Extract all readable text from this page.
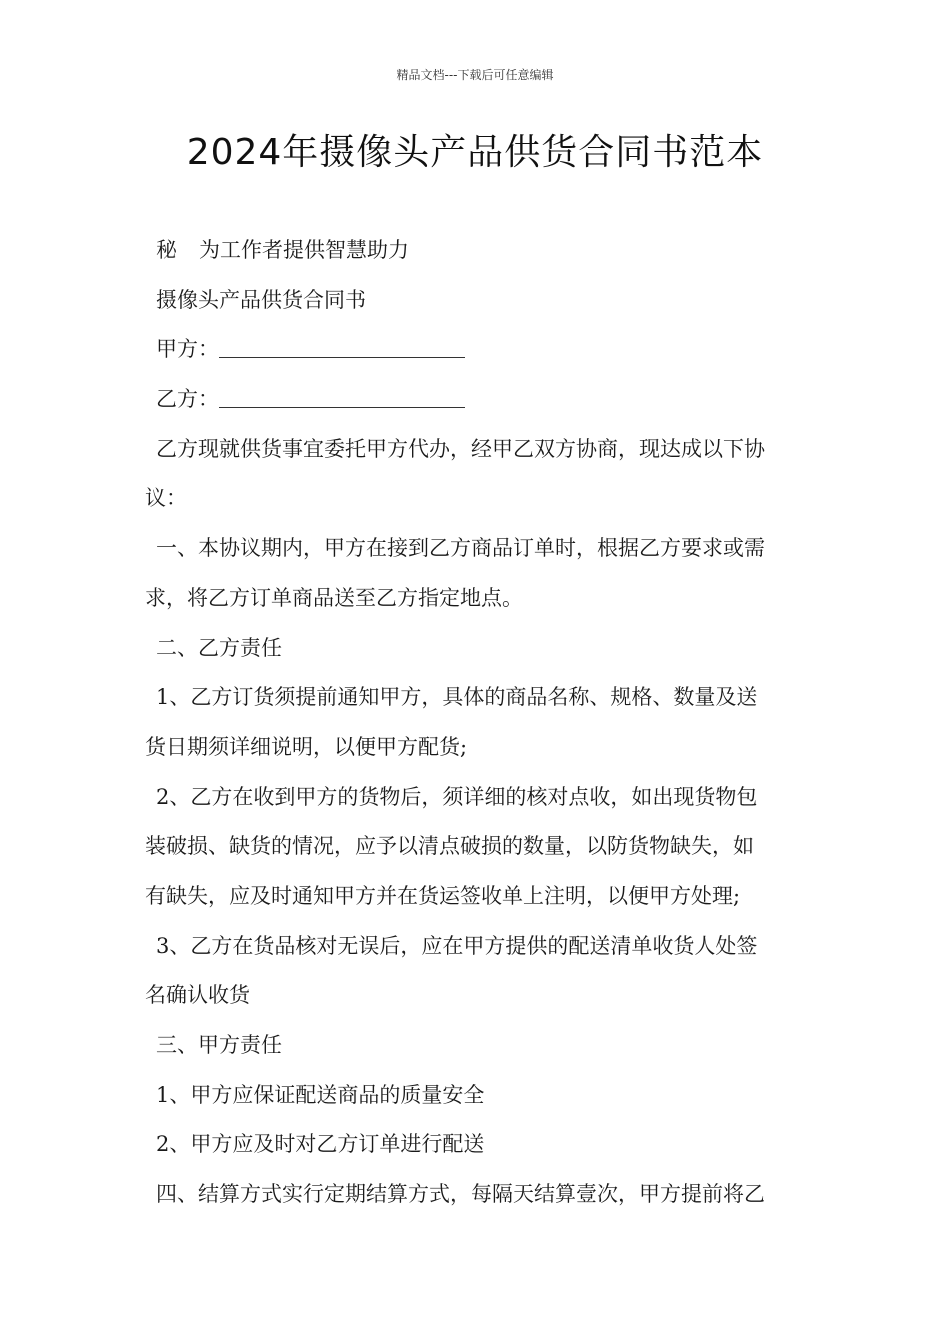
精品文档---下载后可任意编辑
2024年摄像头产品供货合同书范本
秘 为工作者提供智慧助力
摄像头产品供货合同书
甲方：
乙方：
乙方现就供货事宜委托甲方代办，经甲乙双方协商，现达成以下协
议：
一、本协议期内，甲方在接到乙方商品订单时，根据乙方要求或需
求，将乙方订单商品送至乙方指定地点。
二、乙方责任
1、乙方订货须提前通知甲方，具体的商品名称、规格、数量及送
货日期须详细说明，以便甲方配货;
2、乙方在收到甲方的货物后，须详细的核对点收，如出现货物包
装破损、缺货的情况，应予以清点破损的数量，以防货物缺失，如
有缺失，应及时通知甲方并在货运签收单上注明，以便甲方处理;
3、乙方在货品核对无误后，应在甲方提供的配送清单收货人处签
名确认收货
三、甲方责任
1、甲方应保证配送商品的质量安全
2、甲方应及时对乙方订单进行配送
四、结算方式实行定期结算方式，每隔天结算壹次，甲方提前将乙
